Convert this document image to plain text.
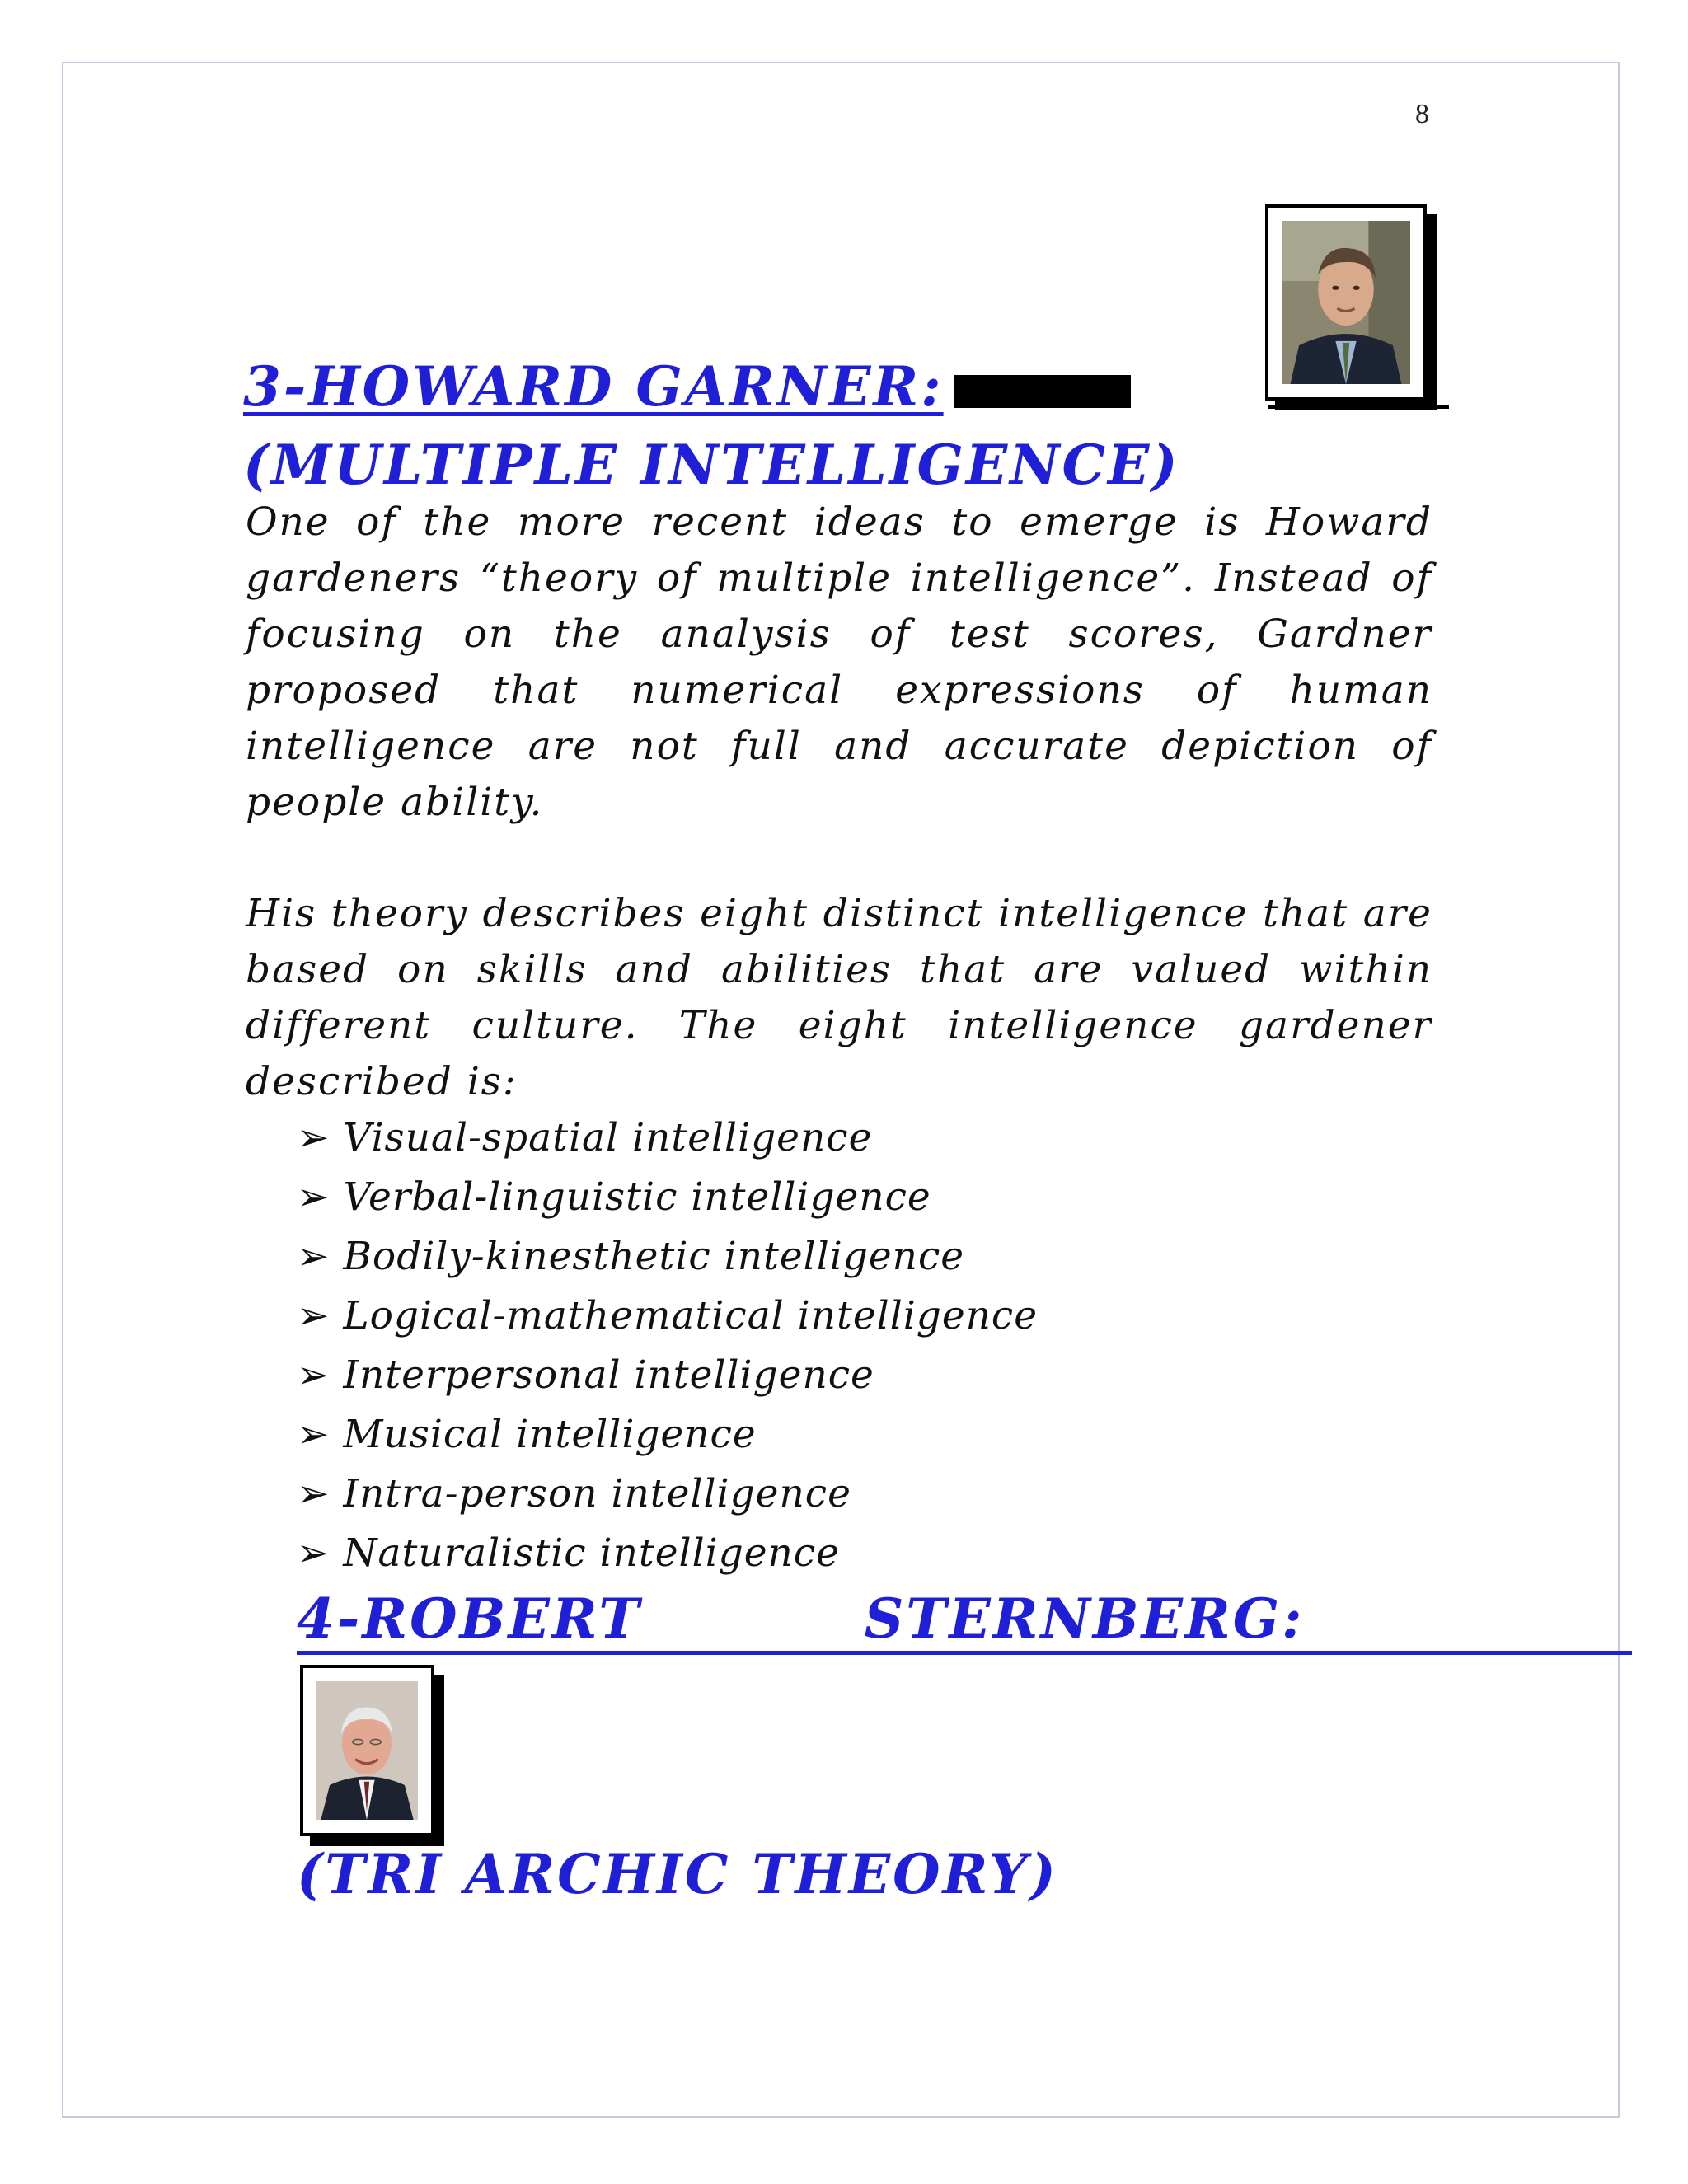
8
3-HOWARD GARNER:
(MULTIPLE INTELLIGENCE)
One of the more recent ideas to emerge is Howard gardeners “theory of multiple intelligence”. Instead of focusing on the analysis of test scores, Gardner proposed that numerical expressions of human intelligence are not full and accurate depiction of people ability.
His theory describes eight distinct intelligence that are based on skills and abilities that are valued within different culture. The eight intelligence gardener described is:
➢ Visual-spatial intelligence
➢ Verbal-linguistic intelligence
➢ Bodily-kinesthetic intelligence
➢ Logical-mathematical intelligence
➢ Interpersonal intelligence
➢ Musical intelligence
➢ Intra-person intelligence
➢ Naturalistic intelligence
4-ROBERT	STERNBERG:
(TRI ARCHIC THEORY)
